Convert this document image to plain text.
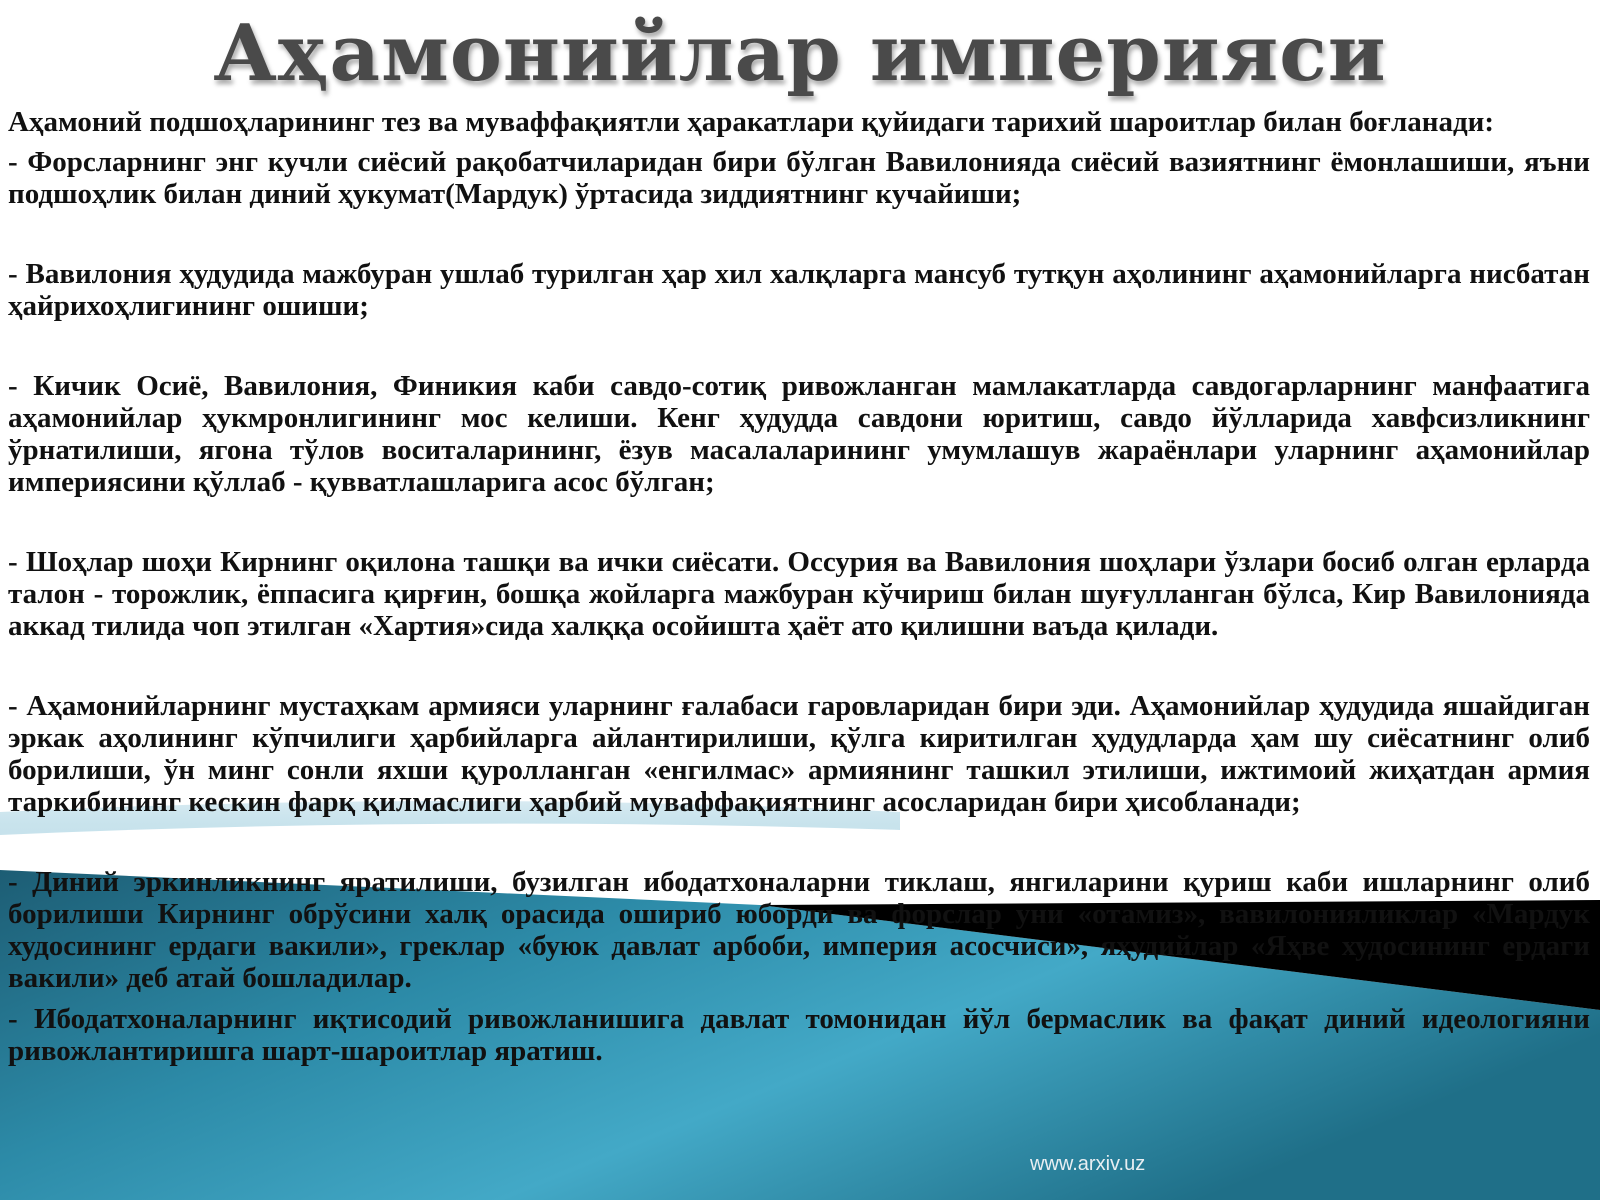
Аҳамонийлар империяси

Аҳамоний подшоҳларининг тез ва муваффақиятли ҳаракатлари қуйидаги тарихий шароитлар билан боғланади:

- Форсларнинг энг кучли сиёсий рақобатчиларидан бири бўлган Вавилонияда сиёсий вазиятнинг ёмонлашиши, яъни подшоҳлик билан диний ҳукумат(Мардук) ўртасида зиддиятнинг кучайиши;

- Вавилония ҳудудида мажбуран ушлаб турилган ҳар хил халқларга мансуб тутқун аҳолининг аҳамонийларга нисбатан ҳайрихоҳлигининг ошиши;

- Кичик Осиё, Вавилония, Финикия каби савдо-сотиқ ривожланган мамлакатларда савдогарларнинг манфаатига аҳамонийлар ҳукмронлигининг мос келиши. Кенг ҳудудда савдони юритиш, савдо йўлларида хавфсизликнинг ўрнатилиши, ягона тўлов воситаларининг, ёзув масалаларининг умумлашув жараёнлари уларнинг аҳамонийлар империясини қўллаб - қувватлашларига асос бўлган;

- Шоҳлар шоҳи Кирнинг оқилона ташқи ва ички сиёсати. Оссурия ва Вавилония шоҳлари ўзлари босиб олган ерларда талон - торожлик, ёппасига қирғин, бошқа жойларга мажбуран кўчириш билан шуғулланган бўлса, Кир Вавилонияда аккад тилида чоп этилган «Хартия»сида халққа осойишта ҳаёт ато қилишни ваъда қилади.

- Аҳамонийларнинг мустаҳкам армияси уларнинг ғалабаси гаровларидан бири эди. Аҳамонийлар ҳудудида яшайдиган эркак аҳолининг кўпчилиги ҳарбийларга айлантирилиши, қўлга киритилган ҳудудларда ҳам шу сиёсатнинг олиб борилиши, ўн минг сонли яхши қуролланган «енгилмас» армиянинг ташкил этилиши, ижтимоий жиҳатдан армия таркибининг кескин фарқ қилмаслиги ҳарбий муваффақиятнинг асосларидан бири ҳисобланади;

- Диний эркинликнинг яратилиши, бузилган ибодатхоналарни тиклаш, янгиларини қуриш каби ишларнинг олиб борилиши Кирнинг обрўсини халқ орасида ошириб юборди ва форслар уни «отамиз», вавилонияликлар «Мардук худосининг ердаги вакили», греклар «буюк давлат арбоби, империя асосчиси», яҳудийлар «Яҳве худосининг ердаги вакили» деб атай бошладилар.

- Ибодатхоналарнинг иқтисодий ривожланишига давлат томонидан йўл бермаслик ва фақат диний идеологияни ривожлантиришга шарт-шароитлар яратиш.

www.arxiv.uz
